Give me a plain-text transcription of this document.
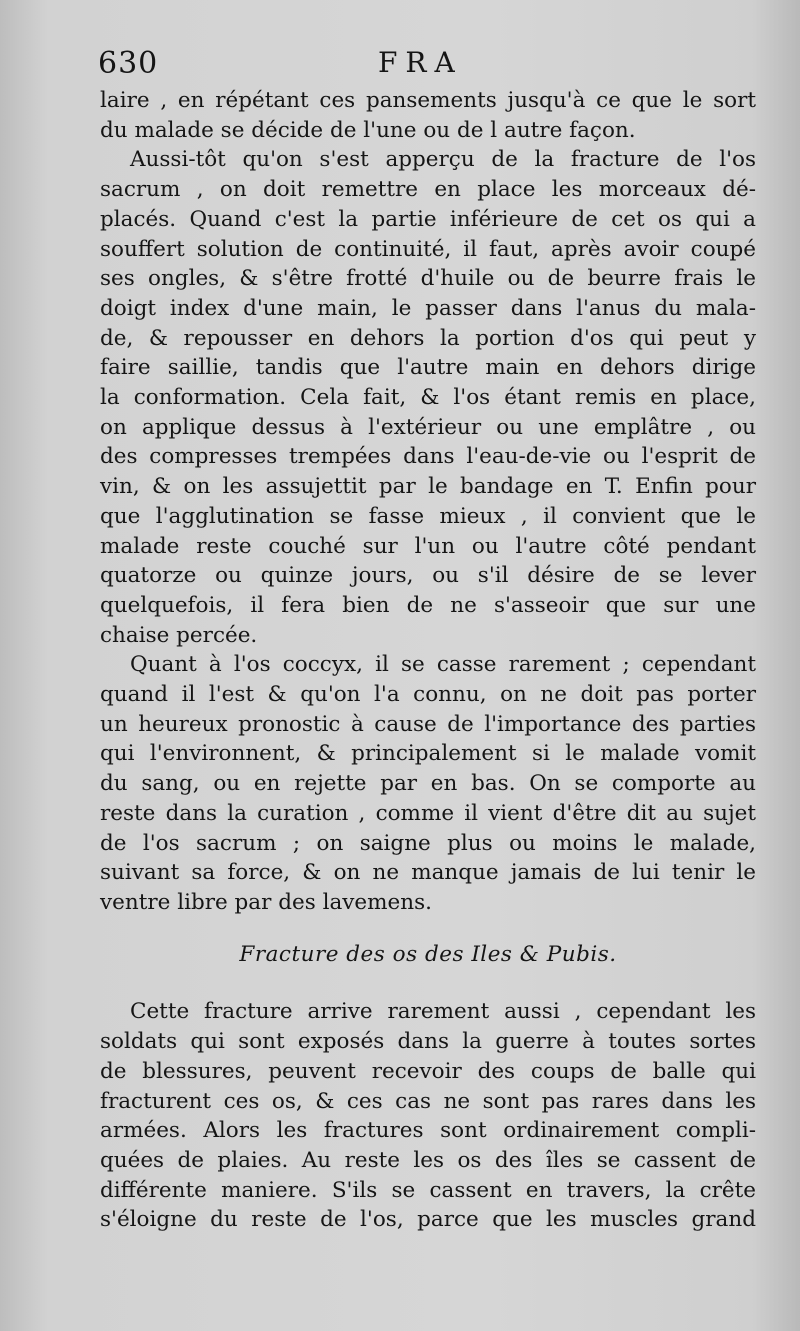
630	FRA
laire , en répétant ces pansements jusqu'à ce que le sort
du malade se décide de l'une ou de l autre façon.
Aussi-tôt qu'on s'est apperçu de la fracture de l'os
sacrum , on doit remettre en place les morceaux dé-
placés. Quand c'est la partie inférieure de cet os qui a
souffert solution de continuité, il faut, après avoir coupé
ses ongles, & s'être frotté d'huile ou de beurre frais le
doigt index d'une main, le passer dans l'anus du mala-
de, & repousser en dehors la portion d'os qui peut y
faire saillie, tandis que l'autre main en dehors dirige
la conformation. Cela fait, & l'os étant remis en place,
on applique dessus à l'extérieur ou une emplâtre , ou
des compresses trempées dans l'eau-de-vie ou l'esprit de
vin, & on les assujettit par le bandage en T. Enfin pour
que l'agglutination se fasse mieux , il convient que le
malade reste couché sur l'un ou l'autre côté pendant
quatorze ou quinze jours, ou s'il désire de se lever
quelquefois, il fera bien de ne s'asseoir que sur une
chaise percée.
Quant à l'os coccyx, il se casse rarement ; cependant
quand il l'est & qu'on l'a connu, on ne doit pas porter
un heureux pronostic à cause de l'importance des parties
qui l'environnent, & principalement si le malade vomit
du sang, ou en rejette par en bas. On se comporte au
reste dans la curation , comme il vient d'être dit au sujet
de l'os sacrum ; on saigne plus ou moins le malade,
suivant sa force, & on ne manque jamais de lui tenir le
ventre libre par des lavemens.
Fracture des os des Iles & Pubis.
Cette fracture arrive rarement aussi , cependant les
soldats qui sont exposés dans la guerre à toutes sortes
de blessures, peuvent recevoir des coups de balle qui
fracturent ces os, & ces cas ne sont pas rares dans les
armées. Alors les fractures sont ordinairement compli-
quées de plaies. Au reste les os des îles se cassent de
différente maniere. S'ils se cassent en travers, la crête
s'éloigne du reste de l'os, parce que les muscles grand
